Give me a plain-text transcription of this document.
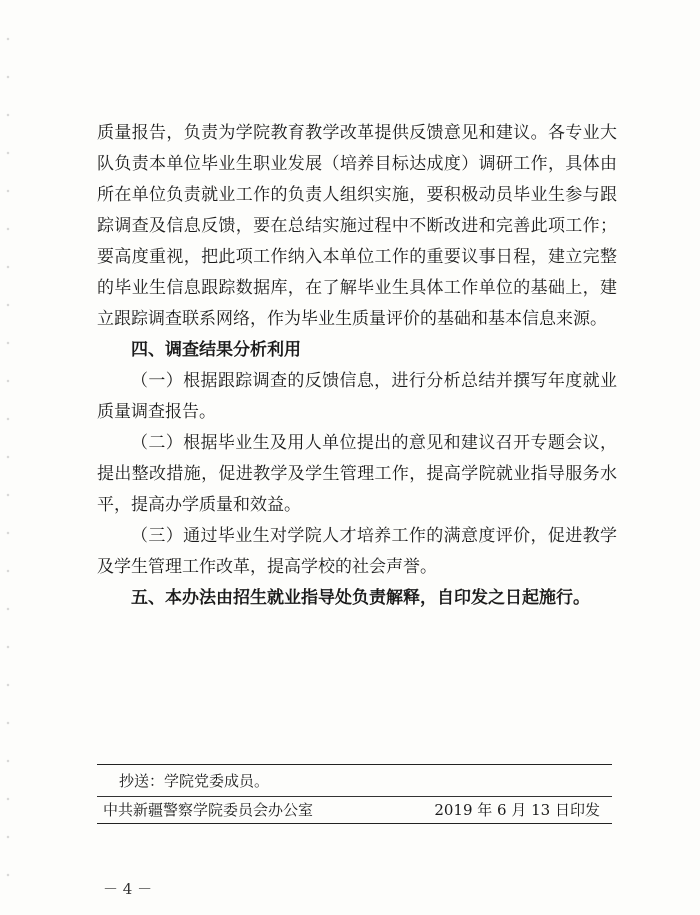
质量报告，负责为学院教育教学改革提供反馈意见和建议。各专业大队负责本单位毕业生职业发展（培养目标达成度）调研工作，具体由所在单位负责就业工作的负责人组织实施，要积极动员毕业生参与跟踪调查及信息反馈，要在总结实施过程中不断改进和完善此项工作；要高度重视，把此项工作纳入本单位工作的重要议事日程，建立完整的毕业生信息跟踪数据库，在了解毕业生具体工作单位的基础上，建立跟踪调查联系网络，作为毕业生质量评价的基础和基本信息来源。

四、调查结果分析利用

（一）根据跟踪调查的反馈信息，进行分析总结并撰写年度就业质量调查报告。

（二）根据毕业生及用人单位提出的意见和建议召开专题会议，提出整改措施，促进教学及学生管理工作，提高学院就业指导服务水平，提高办学质量和效益。

（三）通过毕业生对学院人才培养工作的满意度评价，促进教学及学生管理工作改革，提高学校的社会声誉。

五、本办法由招生就业指导处负责解释，自印发之日起施行。

抄送：学院党委成员。
中共新疆警察学院委员会办公室	2019 年 6 月 13 日印发
－ 4 －
